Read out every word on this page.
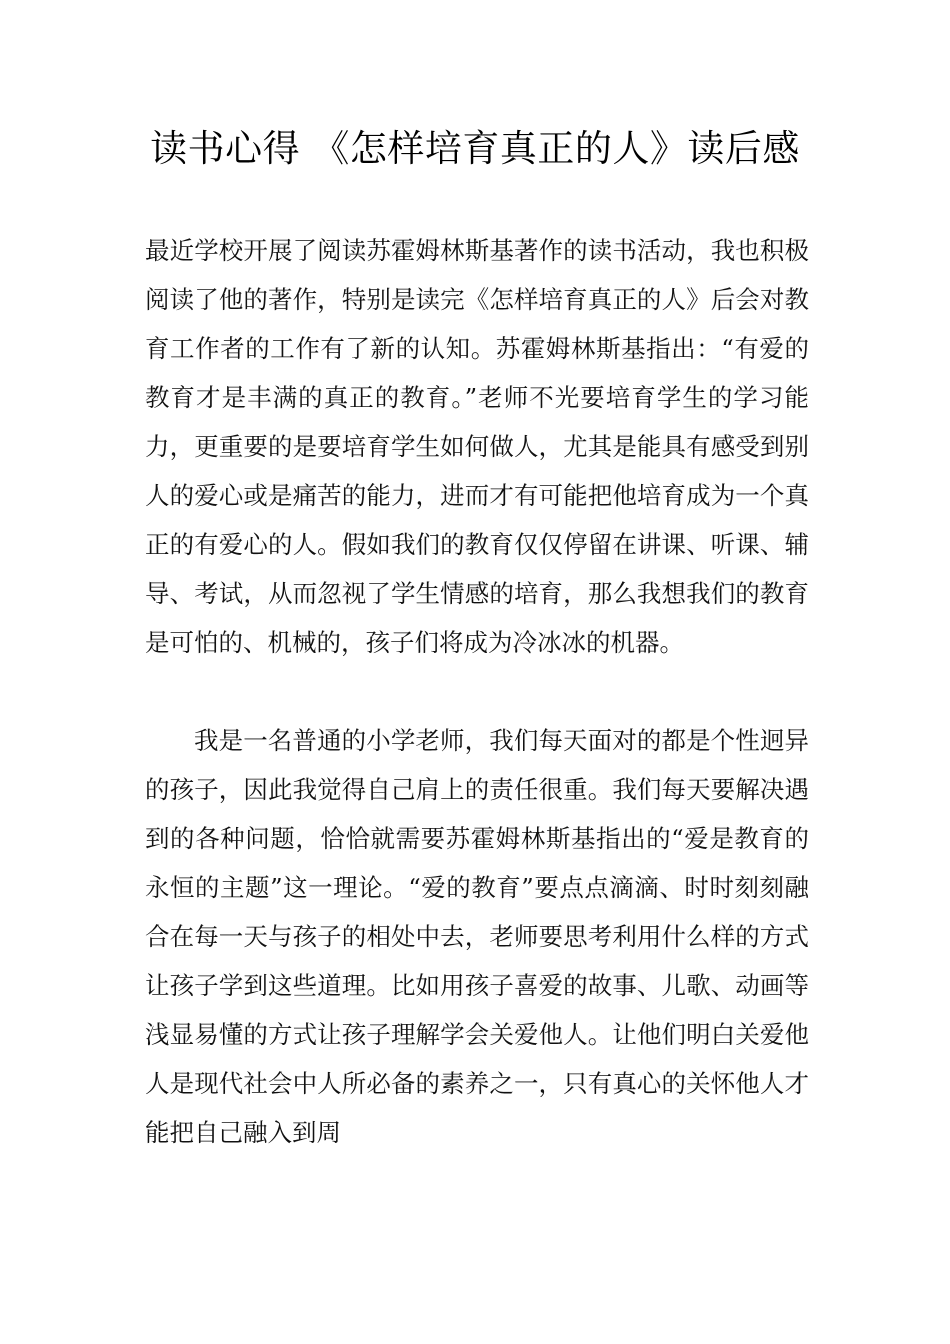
读书心得 《怎样培育真正的人》读后感

最近学校开展了阅读苏霍姆林斯基著作的读书活动，我也积极阅读了他的著作，特别是读完《怎样培育真正的人》后会对教育工作者的工作有了新的认知。苏霍姆林斯基指出：“有爱的教育才是丰满的真正的教育。”老师不光要培育学生的学习能力，更重要的是要培育学生如何做人，尤其是能具有感受到别人的爱心或是痛苦的能力，进而才有可能把他培育成为一个真正的有爱心的人。假如我们的教育仅仅停留在讲课、听课、辅导、考试，从而忽视了学生情感的培育，那么我想我们的教育是可怕的、机械的，孩子们将成为冷冰冰的机器。

我是一名普通的小学老师，我们每天面对的都是个性迥异的孩子，因此我觉得自己肩上的责任很重。我们每天要解决遇到的各种问题，恰恰就需要苏霍姆林斯基指出的“爱是教育的永恒的主题”这一理论。“爱的教育”要点点滴滴、时时刻刻融合在每一天与孩子的相处中去，老师要思考利用什么样的方式让孩子学到这些道理。比如用孩子喜爱的故事、儿歌、动画等浅显易懂的方式让孩子理解学会关爱他人。让他们明白关爱他人是现代社会中人所必备的素养之一，只有真心的关怀他人才能把自己融入到周
